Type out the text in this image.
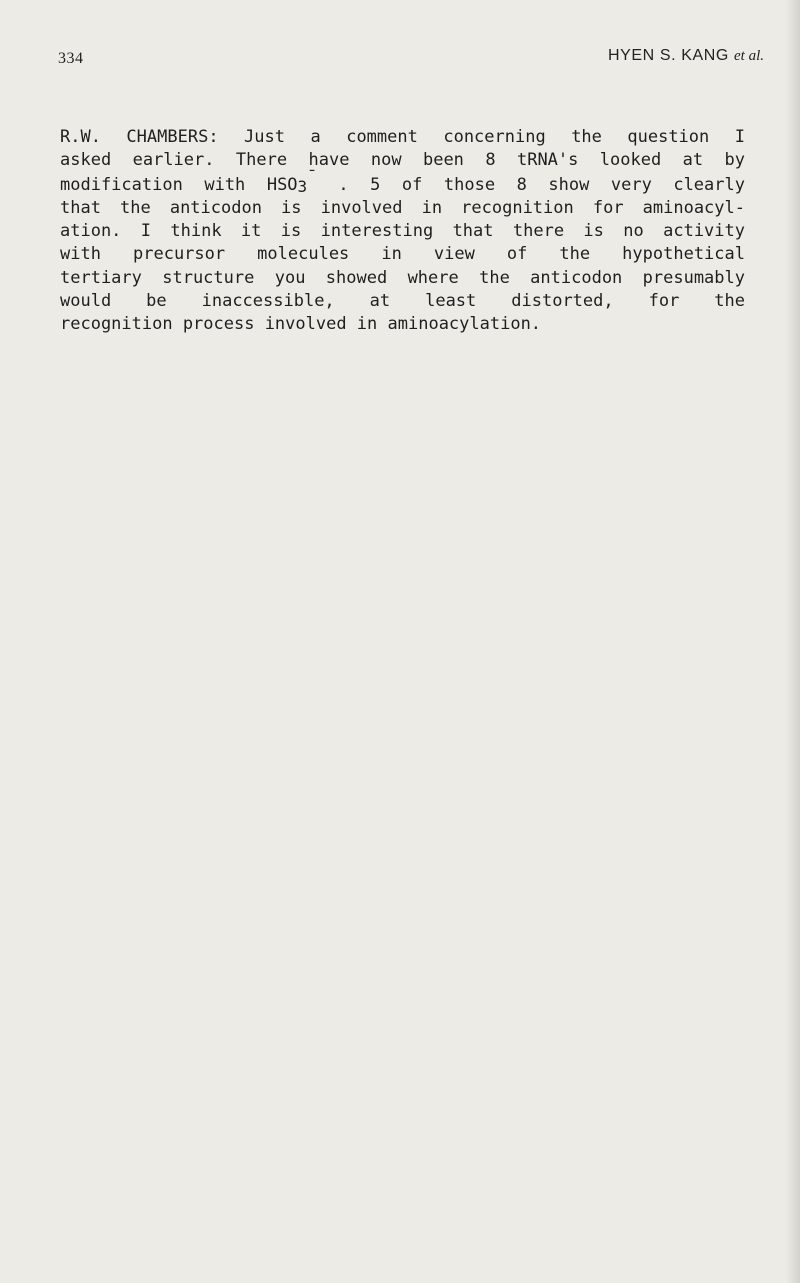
334	HYEN S. KANG et al.
R.W. CHAMBERS: Just a comment concerning the question I
asked earlier. There have now been 8 tRNA's looked at by
modification with $HSO_3^¯$ . 5 of those 8 show very clearly
that the anticodon is involved in recognition for aminoacyl-
ation. I think it is interesting that there is no activity
with precursor molecules in view of the hypothetical
tertiary structure you showed where the anticodon presumably
would be inaccessible, at least distorted, for the
recognition process involved in aminoacylation.
